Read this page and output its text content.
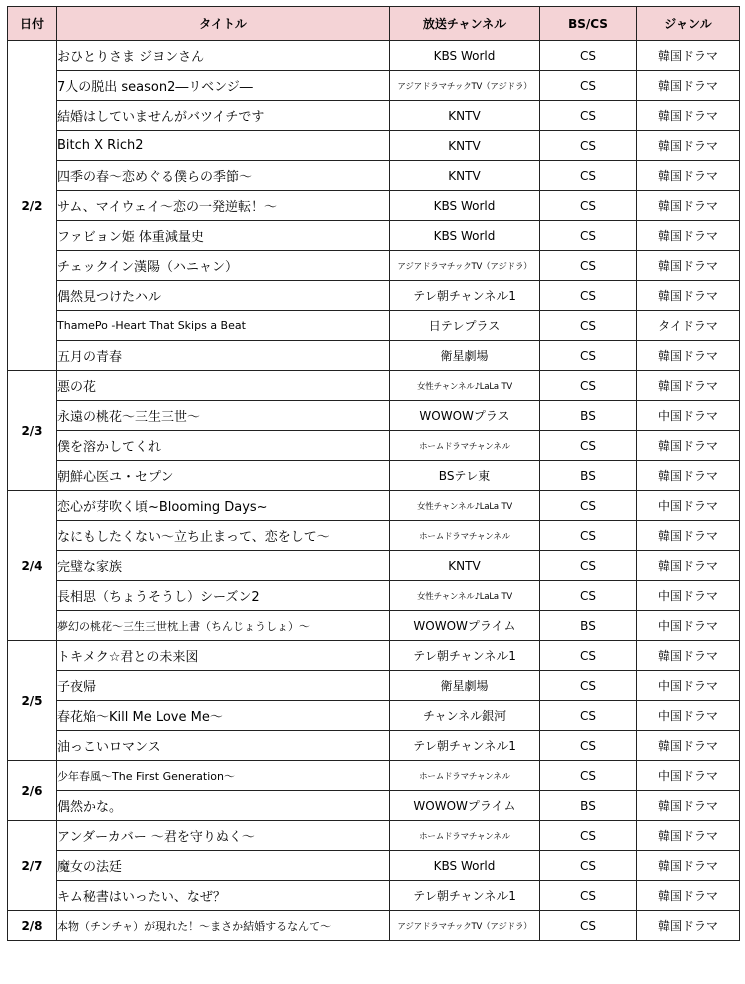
日付	タイトル	放送チャンネル	BS/CS	ジャンル
2/2	おひとりさま ジヨンさん	KBS World	CS	韓国ドラマ
	7人の脱出 season2―リベンジ―	アジアドラマチックTV（アジドラ）	CS	韓国ドラマ
	結婚はしていませんがバツイチです	KNTV	CS	韓国ドラマ
	Bitch X Rich2	KNTV	CS	韓国ドラマ
	四季の春～恋めぐる僕らの季節～	KNTV	CS	韓国ドラマ
	サム、マイウェイ～恋の一発逆転！～	KBS World	CS	韓国ドラマ
	ファビョン姫 体重減量史	KBS World	CS	韓国ドラマ
	チェックイン漢陽（ハニャン）	アジアドラマチックTV（アジドラ）	CS	韓国ドラマ
	偶然見つけたハル	テレ朝チャンネル1	CS	韓国ドラマ
	ThamePo -Heart That Skips a Beat	日テレプラス	CS	タイドラマ
	五月の青春	衛星劇場	CS	韓国ドラマ
2/3	悪の花	女性チャンネル♪LaLa TV	CS	韓国ドラマ
	永遠の桃花～三生三世～	WOWOWプラス	BS	中国ドラマ
	僕を溶かしてくれ	ホームドラマチャンネル	CS	韓国ドラマ
	朝鮮心医ユ・セプン	BSテレ東	BS	韓国ドラマ
2/4	恋心が芽吹く頃~Blooming Days~	女性チャンネル♪LaLa TV	CS	中国ドラマ
	なにもしたくない～立ち止まって、恋をして～	ホームドラマチャンネル	CS	韓国ドラマ
	完璧な家族	KNTV	CS	韓国ドラマ
	長相思（ちょうそうし）シーズン2	女性チャンネル♪LaLa TV	CS	中国ドラマ
	夢幻の桃花～三生三世枕上書（ちんじょうしょ）～	WOWOWプライム	BS	中国ドラマ
2/5	トキメク☆君との未来図	テレ朝チャンネル1	CS	韓国ドラマ
	子夜帰	衛星劇場	CS	中国ドラマ
	春花焔～Kill Me Love Me～	チャンネル銀河	CS	中国ドラマ
	油っこいロマンス	テレ朝チャンネル1	CS	韓国ドラマ
2/6	少年春風～The First Generation～	ホームドラマチャンネル	CS	中国ドラマ
	偶然かな。	WOWOWプライム	BS	韓国ドラマ
2/7	アンダーカバー ～君を守りぬく～	ホームドラマチャンネル	CS	韓国ドラマ
	魔女の法廷	KBS World	CS	韓国ドラマ
	キム秘書はいったい、なぜ？	テレ朝チャンネル1	CS	韓国ドラマ
2/8	本物（チンチャ）が現れた！～まさか結婚するなんて～	アジアドラマチックTV（アジドラ）	CS	韓国ドラマ
